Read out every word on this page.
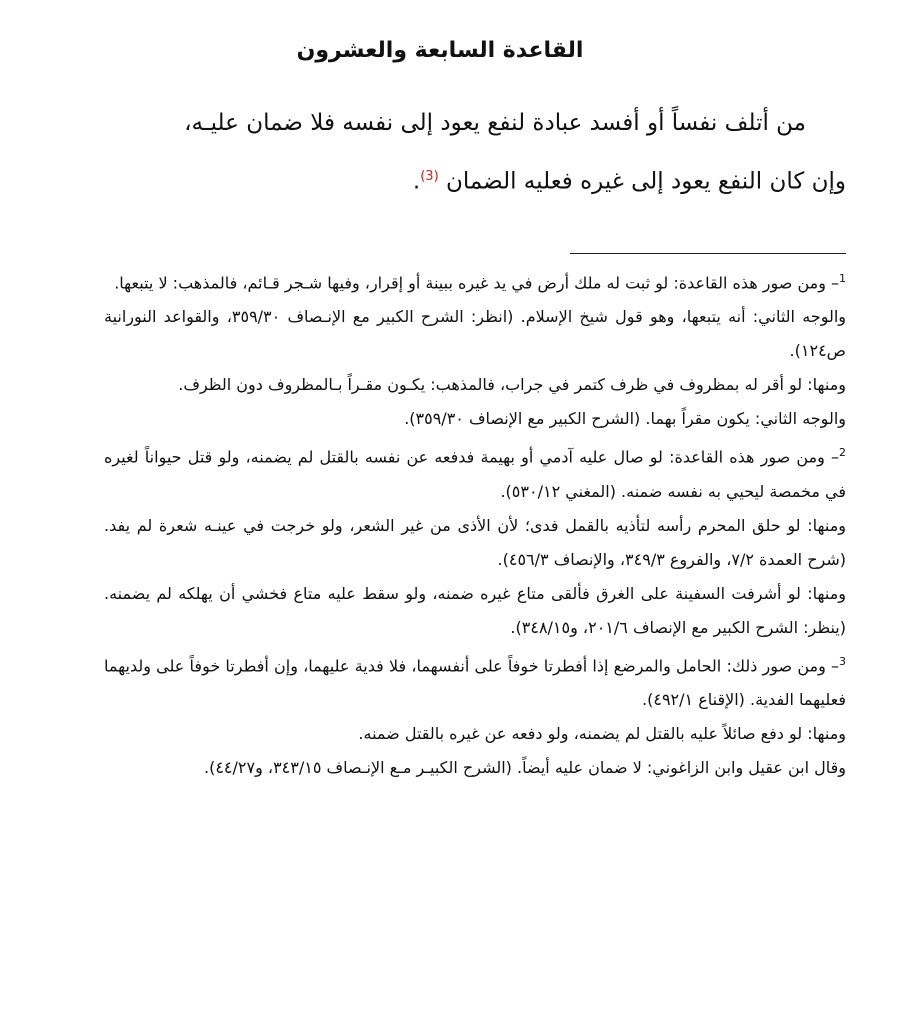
القاعدة السابعة والعشرون
من أتلف نفساً أو أفسد عبادة لنفع يعود إلى نفسه فلا ضمان عليـه،
وإن كان النفع يعود إلى غيره فعليه الضمان $^{(3)}$.

$^1$– ومن صور هذه القاعدة: لو ثبت له ملك أرض في يد غيره ببينة أو إقرار، وفيها شـجر قـائم، فالمذهب: لا يتبعها.

والوجه الثاني: أنه يتبعها، وهو قول شيخ الإسلام. (انظر: الشرح الكبير مع الإنـصاف ٣٥٩/٣٠، والقواعد النورانية ص١٢٤).

ومنها: لو أقر له بمظروف في ظرف كتمر في جراب، فالمذهب: يكـون مقـراً بـالمظروف دون الظرف.

والوجه الثاني: يكون مقراً بهما. (الشرح الكبير مع الإنصاف ٣٥٩/٣٠).

$^2$– ومن صور هذه القاعدة: لو صال عليه آدمي أو بهيمة فدفعه عن نفسه بالقتل لم يضمنه، ولو قتل حيواناً لغيره في مخمصة ليحيي به نفسه ضمنه. (المغني ٥٣٠/١٢).

ومنها: لو حلق المحرم رأسه لتأذيه بالقمل فدى؛ لأن الأذى من غير الشعر، ولو خرجت في عينـه شعرة لم يفد. (شرح العمدة ٧/٢، والفروع ٣٤٩/٣، والإنصاف ٤٥٦/٣).

ومنها: لو أشرفت السفينة على الغرق فألقى متاع غيره ضمنه، ولو سقط عليه متاع فخشي أن يهلكه لم يضمنه. (ينظر: الشرح الكبير مع الإنصاف ٢٠١/٦، و٣٤٨/١٥).

$^3$– ومن صور ذلك: الحامل والمرضع إذا أفطرتا خوفاً على أنفسهما، فلا فدية عليهما، وإن أفطرتا خوفاً على ولديهما فعليهما الفدية. (الإقناع ٤٩٢/١).

ومنها: لو دفع صائلاً عليه بالقتل لم يضمنه، ولو دفعه عن غيره بالقتل ضمنه.

وقال ابن عقيل وابن الزاغوني: لا ضمان عليه أيضاً. (الشرح الكبيـر مـع الإنـصاف ٣٤٣/١٥، و٤٤/٢٧).
